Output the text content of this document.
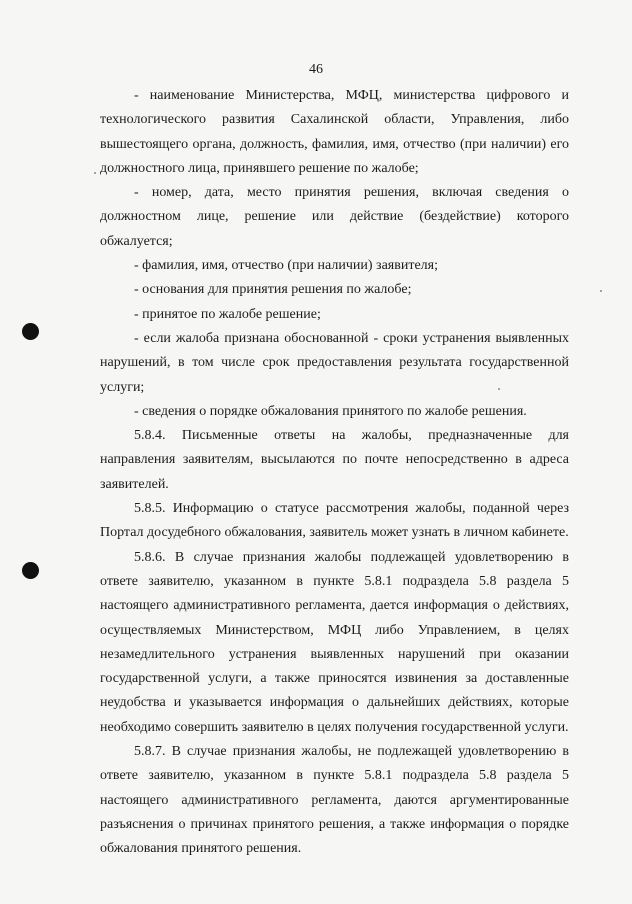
46

- наименование Министерства, МФЦ, министерства цифрового и технологического развития Сахалинской области, Управления, либо вышестоящего органа, должность, фамилия, имя, отчество (при наличии) его должностного лица, принявшего решение по жалобе;

- номер, дата, место принятия решения, включая сведения о должностном лице, решение или действие (бездействие) которого обжалуется;

- фамилия, имя, отчество (при наличии) заявителя;

- основания для принятия решения по жалобе;

- принятое по жалобе решение;

- если жалоба признана обоснованной - сроки устранения выявленных нарушений, в том числе срок предоставления результата государственной услуги;

- сведения о порядке обжалования принятого по жалобе решения.

5.8.4. Письменные ответы на жалобы, предназначенные для направления заявителям, высылаются по почте непосредственно в адреса заявителей.

5.8.5. Информацию о статусе рассмотрения жалобы, поданной через Портал досудебного обжалования, заявитель может узнать в личном кабинете.

5.8.6. В случае признания жалобы подлежащей удовлетворению в ответе заявителю, указанном в пункте 5.8.1 подраздела 5.8 раздела 5 настоящего административного регламента, дается информация о действиях, осуществляемых Министерством, МФЦ либо Управлением, в целях незамедлительного устранения выявленных нарушений при оказании государственной услуги, а также приносятся извинения за доставленные неудобства и указывается информация о дальнейших действиях, которые необходимо совершить заявителю в целях получения государственной услуги.

5.8.7. В случае признания жалобы, не подлежащей удовлетворению в ответе заявителю, указанном в пункте 5.8.1 подраздела 5.8 раздела 5 настоящего административного регламента, даются аргументированные разъяснения о причинах принятого решения, а также информация о порядке обжалования принятого решения.
